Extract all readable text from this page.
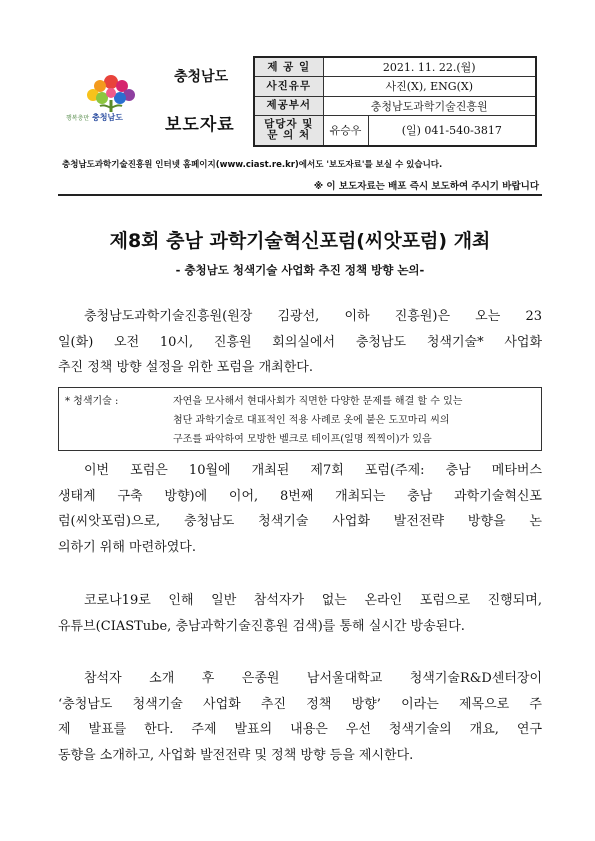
행복충만 충청남도
충청남도
보도자료
제 공 일	2021. 11. 22.(월)	
사진유무	사진(X), ENG(X)	
제공부서	충청남도과학기술진흥원	
담당자 및 문 의 처	유승우	(일) 041-540-3817
충청남도과학기술진흥원 인터넷 홈페이지(www.ciast.re.kr)에서도 '보도자료'를 보실 수 있습니다.
※ 이 보도자료는 배포 즉시 보도하여 주시기 바랍니다
제8회 충남 과학기술혁신포럼(씨앗포럼) 개최
- 충청남도 청색기술 사업화 추진 정책 방향 논의-
충청남도과학기술진흥원(원장 김광선, 이하 진흥원)은 오는 23
일(화) 오전 10시, 진흥원 회의실에서 충청남도 청색기술* 사업화
추진 정책 방향 설정을 위한 포럼을 개최한다.
* 청색기술 :	자연을 모사해서 현대사회가 직면한 다양한 문제를 해결 할 수 있는
첨단 과학기술로 대표적인 적용 사례로 옷에 붙은 도꼬마리 씨의
구조를 파악하여 모방한 벨크로 테이프(일명 찍찍이)가 있음
이번 포럼은 10월에 개최된 제7회 포럼(주제: 충남 메타버스
생태계 구축 방향)에 이어, 8번째 개최되는 충남 과학기술혁신포
럼(씨앗포럼)으로, 충청남도 청색기술 사업화 발전전략 방향을 논
의하기 위해 마련하였다.
코로나19로 인해 일반 참석자가 없는 온라인 포럼으로 진행되며,
유튜브(CIASTube, 충남과학기술진흥원 검색)를 통해 실시간 방송된다.
참석자 소개 후 은종원 남서울대학교 청색기술R&D센터장이
‘충청남도 청색기술 사업화 추진 정책 방향’ 이라는 제목으로 주
제 발표를 한다. 주제 발표의 내용은 우선 청색기술의 개요, 연구
동향을 소개하고, 사업화 발전전략 및 정책 방향 등을 제시한다.
